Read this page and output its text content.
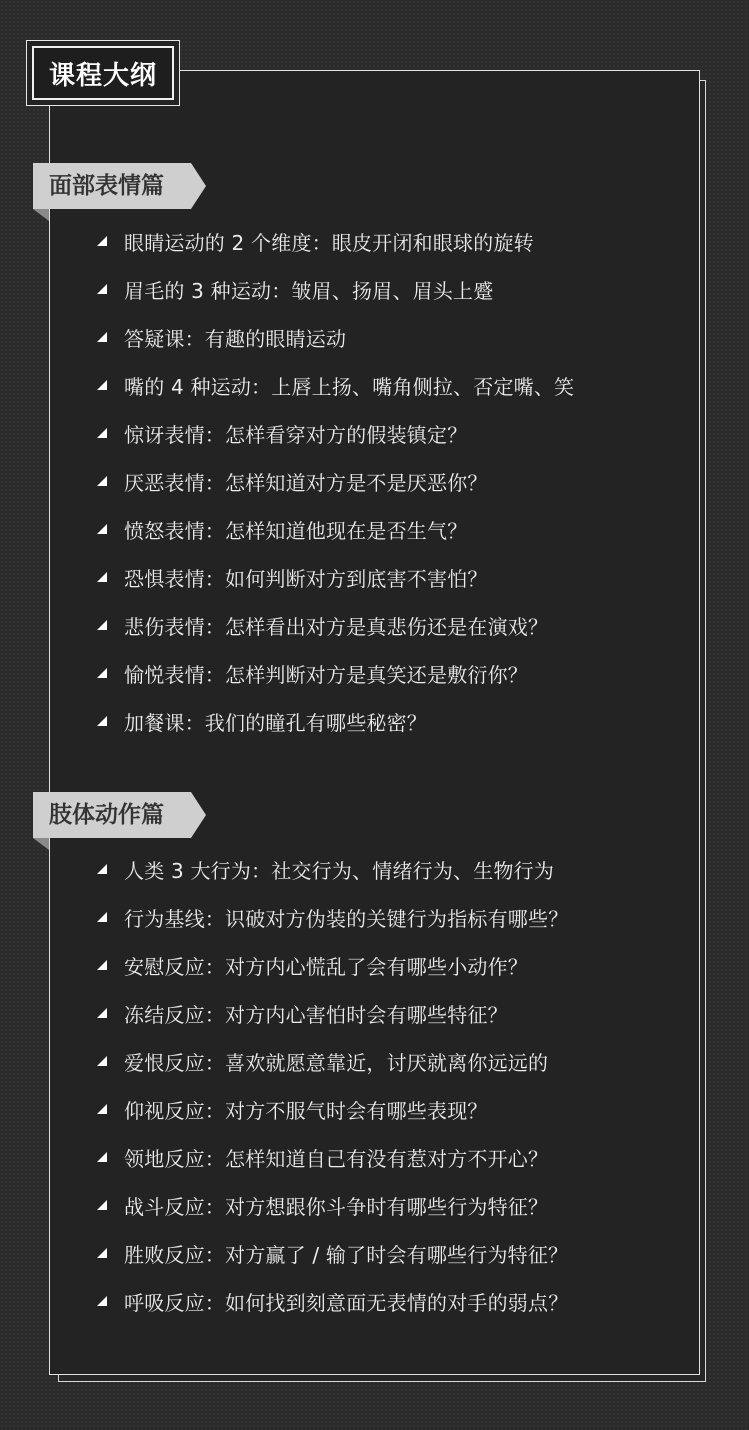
课程大纲
面部表情篇
眼睛运动的 2 个维度：眼皮开闭和眼球的旋转
眉毛的 3 种运动：皱眉、扬眉、眉头上蹙
答疑课：有趣的眼睛运动
嘴的 4 种运动：上唇上扬、嘴角侧拉、否定嘴、笑
惊讶表情：怎样看穿对方的假装镇定？
厌恶表情：怎样知道对方是不是厌恶你？
愤怒表情：怎样知道他现在是否生气？
恐惧表情：如何判断对方到底害不害怕？
悲伤表情：怎样看出对方是真悲伤还是在演戏？
愉悦表情：怎样判断对方是真笑还是敷衍你？
加餐课：我们的瞳孔有哪些秘密？
肢体动作篇
人类 3 大行为：社交行为、情绪行为、生物行为
行为基线：识破对方伪装的关键行为指标有哪些？
安慰反应：对方内心慌乱了会有哪些小动作？
冻结反应：对方内心害怕时会有哪些特征？
爱恨反应：喜欢就愿意靠近，讨厌就离你远远的
仰视反应：对方不服气时会有哪些表现？
领地反应：怎样知道自己有没有惹对方不开心？
战斗反应：对方想跟你斗争时有哪些行为特征？
胜败反应：对方赢了 / 输了时会有哪些行为特征？
呼吸反应：如何找到刻意面无表情的对手的弱点？
